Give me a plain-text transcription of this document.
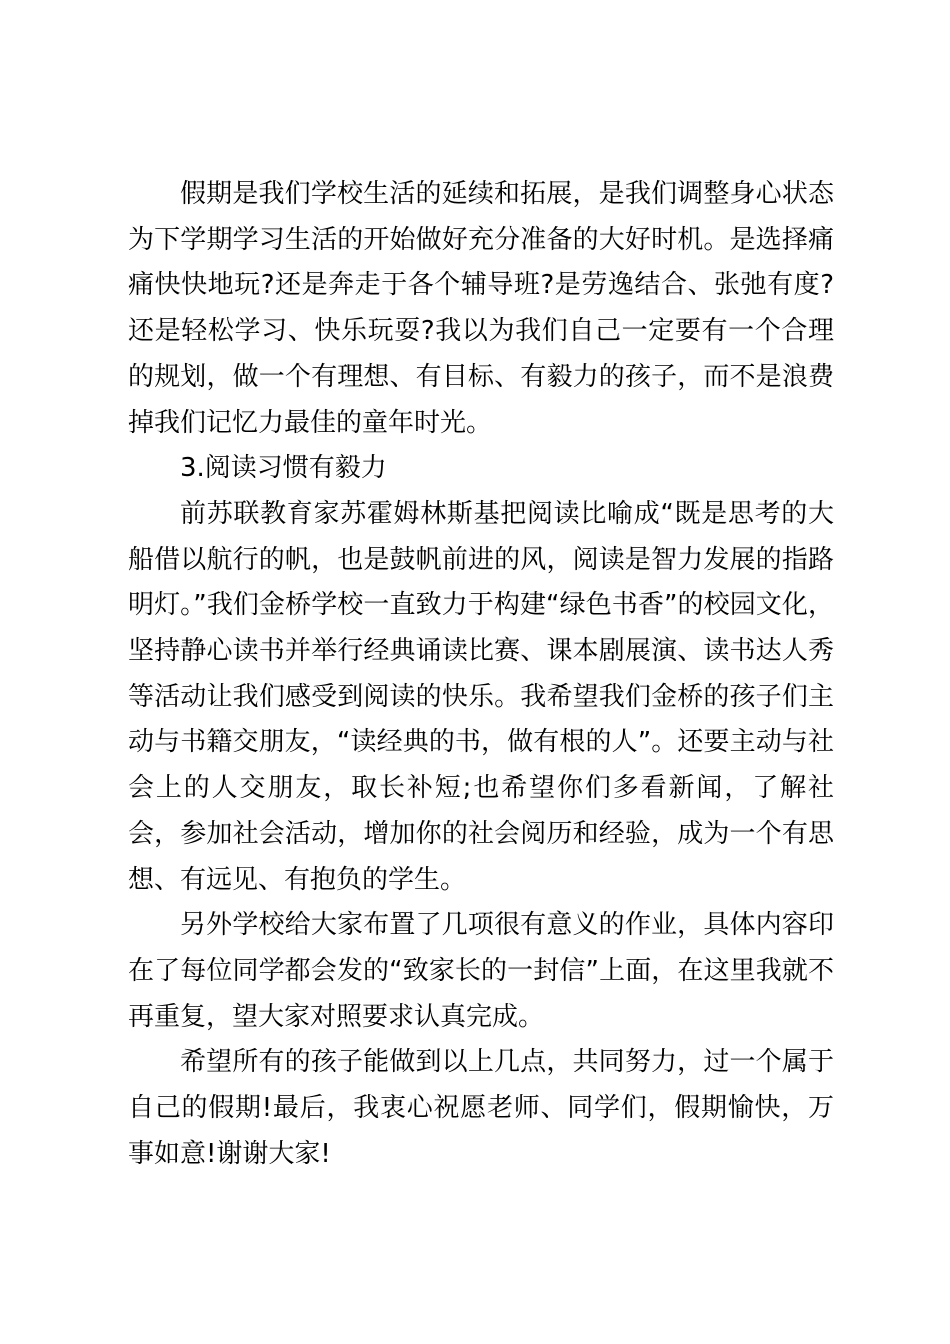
假期是我们学校生活的延续和拓展，是我们调整身心状态为下学期学习生活的开始做好充分准备的大好时机。是选择痛痛快快地玩?还是奔走于各个辅导班?是劳逸结合、张弛有度?还是轻松学习、快乐玩耍?我以为我们自己一定要有一个合理的规划，做一个有理想、有目标、有毅力的孩子，而不是浪费掉我们记忆力最佳的童年时光。

3.阅读习惯有毅力

前苏联教育家苏霍姆林斯基把阅读比喻成“既是思考的大船借以航行的帆，也是鼓帆前进的风，阅读是智力发展的指路明灯。”我们金桥学校一直致力于构建“绿色书香”的校园文化，坚持静心读书并举行经典诵读比赛、课本剧展演、读书达人秀等活动让我们感受到阅读的快乐。我希望我们金桥的孩子们主动与书籍交朋友，“读经典的书，做有根的人”。还要主动与社会上的人交朋友，取长补短;也希望你们多看新闻，了解社会，参加社会活动，增加你的社会阅历和经验，成为一个有思想、有远见、有抱负的学生。

另外学校给大家布置了几项很有意义的作业，具体内容印在了每位同学都会发的“致家长的一封信”上面，在这里我就不再重复，望大家对照要求认真完成。

希望所有的孩子能做到以上几点，共同努力，过一个属于自己的假期!最后，我衷心祝愿老师、同学们，假期愉快，万事如意!谢谢大家!
